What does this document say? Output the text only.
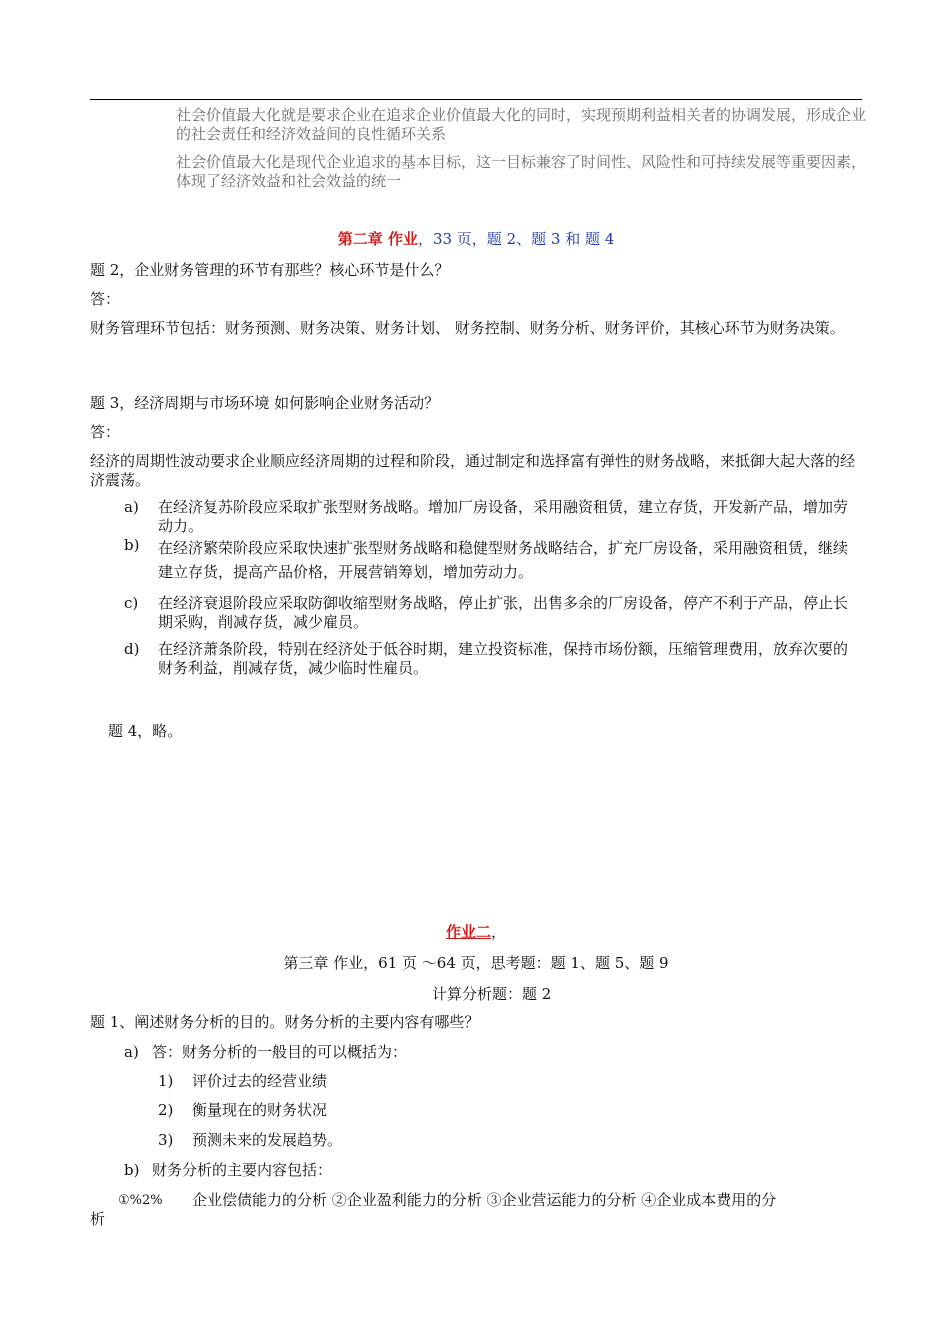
社会价值最大化就是要求企业在追求企业价值最大化的同时，实现预期利益相关者的协调发展，形成企业的社会责任和经济效益间的良性循环关系

社会价值最大化是现代企业追求的基本目标，这一目标兼容了时间性、风险性和可持续发展等重要因素，体现了经济效益和社会效益的统一

第二章 作业，33 页，题 2、题 3 和 题 4

题 2，企业财务管理的环节有那些？核心环节是什么？

答：

财务管理环节包括：财务预测、财务决策、财务计划、 财务控制、财务分析、财务评价，其核心环节为财务决策。

题 3，经济周期与市场环境 如何影响企业财务活动？

答：

经济的周期性波动要求企业顺应经济周期的过程和阶段，通过制定和选择富有弹性的财务战略，来抵御大起大落的经济震荡。

a) 在经济复苏阶段应采取扩张型财务战略。增加厂房设备，采用融资租赁，建立存货，开发新产品，增加劳动力。
b) 在经济繁荣阶段应采取快速扩张型财务战略和稳健型财务战略结合，扩充厂房设备，采用融资租赁，继续建立存货，提高产品价格，开展营销筹划，增加劳动力。
c) 在经济衰退阶段应采取防御收缩型财务战略，停止扩张，出售多余的厂房设备，停产不利于产品，停止长期采购，削减存货，减少雇员。
d) 在经济萧条阶段，特别在经济处于低谷时期，建立投资标准，保持市场份额，压缩管理费用，放弃次要的财务利益，削减存货，减少临时性雇员。

题 4，略。

作业二，

第三章 作业，61 页 ～64 页，思考题：题 1、题 5、题 9

计算分析题：题 2

题 1、阐述财务分析的目的。财务分析的主要内容有哪些？

a) 答：财务分析的一般目的可以概括为：
1) 评价过去的经营业绩
2) 衡量现在的财务状况
3) 预测未来的发展趋势。
b) 财务分析的主要内容包括：
①%2% 企业偿债能力的分析 ②企业盈利能力的分析 ③企业营运能力的分析 ④企业成本费用的分
析
